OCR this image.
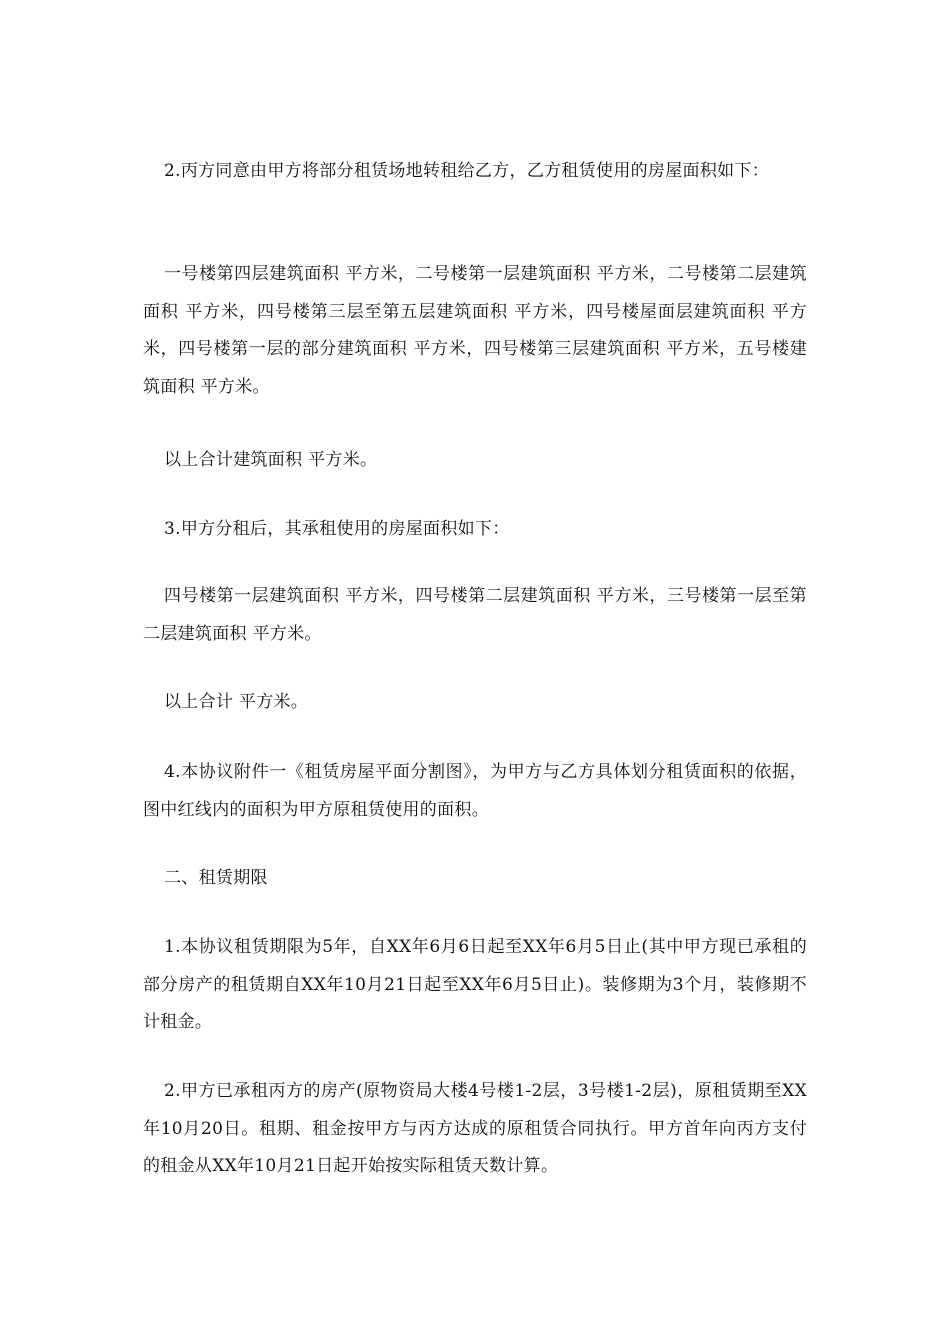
2.丙方同意由甲方将部分租赁场地转租给乙方，乙方租赁使用的房屋面积如下：

一号楼第四层建筑面积 平方米，二号楼第一层建筑面积 平方米，二号楼第二层建筑面积 平方米，四号楼第三层至第五层建筑面积 平方米，四号楼屋面层建筑面积 平方米，四号楼第一层的部分建筑面积 平方米，四号楼第三层建筑面积 平方米，五号楼建筑面积 平方米。

以上合计建筑面积 平方米。

3.甲方分租后，其承租使用的房屋面积如下：

四号楼第一层建筑面积 平方米，四号楼第二层建筑面积 平方米，三号楼第一层至第二层建筑面积 平方米。

以上合计 平方米。

4.本协议附件一《租赁房屋平面分割图》，为甲方与乙方具体划分租赁面积的依据，图中红线内的面积为甲方原租赁使用的面积。

二、租赁期限

1.本协议租赁期限为5年，自XX年6月6日起至XX年6月5日止(其中甲方现已承租的部分房产的租赁期自XX年10月21日起至XX年6月5日止)。装修期为3个月，装修期不计租金。

2.甲方已承租丙方的房产(原物资局大楼4号楼1-2层，3号楼1-2层)，原租赁期至XX年10月20日。租期、租金按甲方与丙方达成的原租赁合同执行。甲方首年向丙方支付的租金从XX年10月21日起开始按实际租赁天数计算。
